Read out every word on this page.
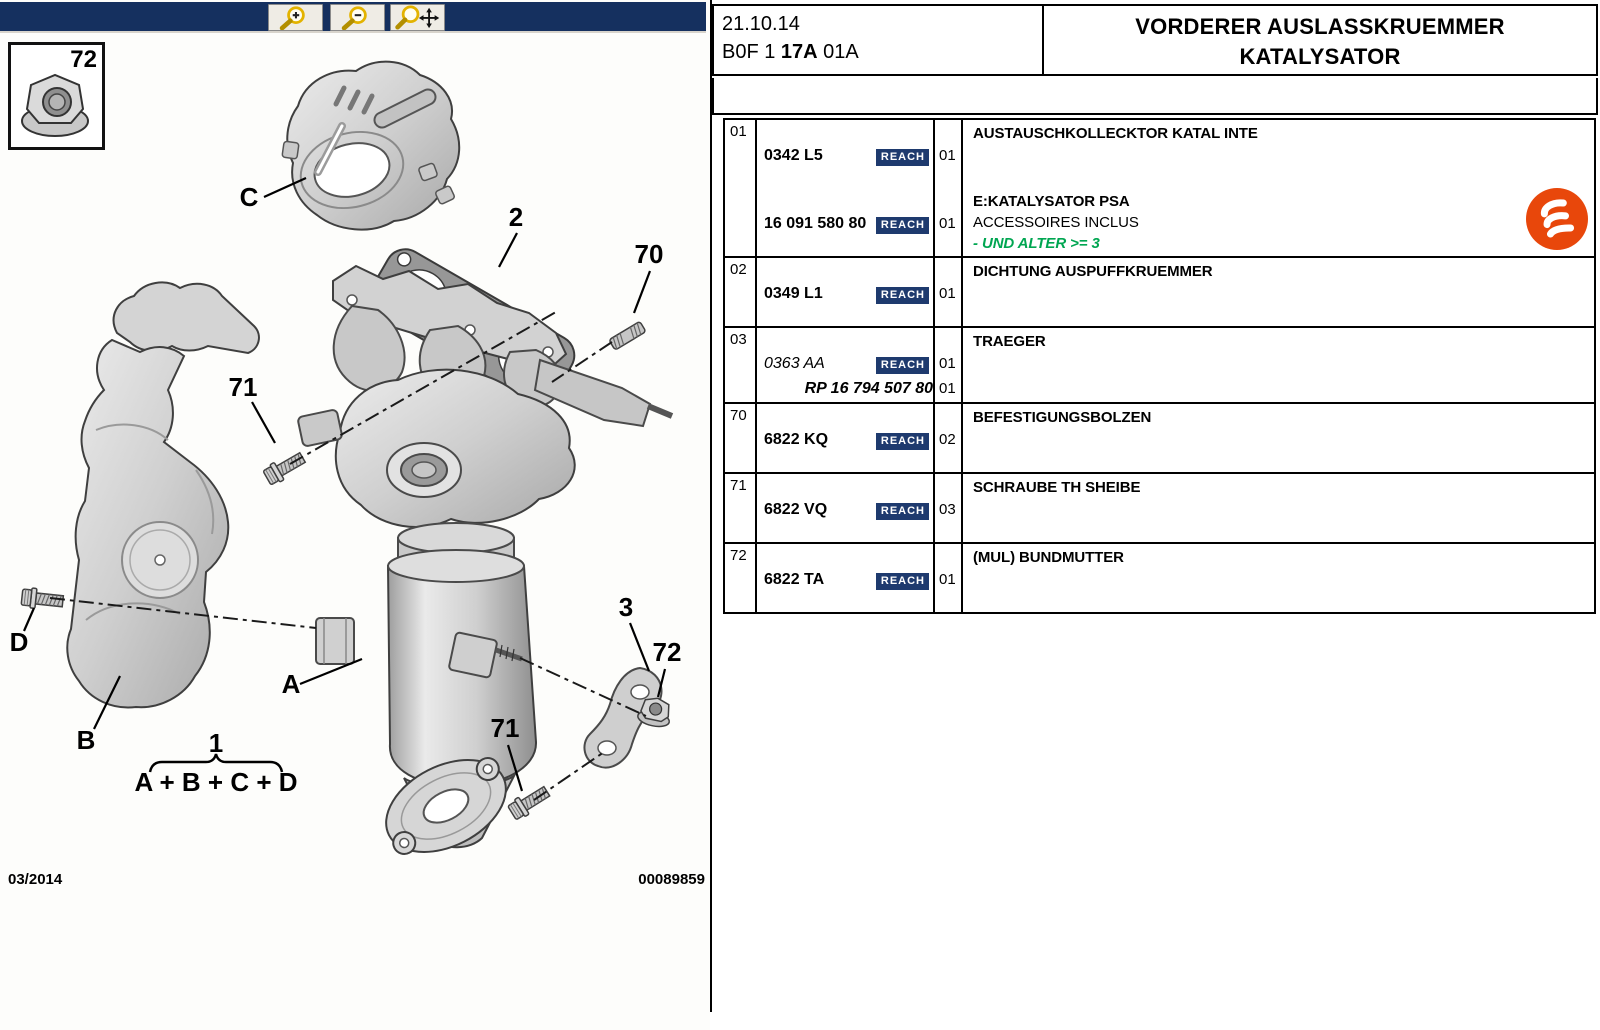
72
C
2
70
71
D
B
A
3
72
71
1
A + B + C + D
03/2014	00089859
21.10.14
B0F 1 17A 01A
VORDERER AUSLASSKRUEMMER
KATALYSATOR
01
0342 L5	REACH 01
AUSTAUSCHKOLLECKTOR KATAL INTE
16 091 580 80	REACH 01
E:KATALYSATOR PSA
ACCESSOIRES INCLUS
- UND ALTER >= 3
02
0349 L1	REACH 01
DICHTUNG AUSPUFFKRUEMMER
03
0363 AA	REACH 01
TRAEGER
RP 16 794 507 80 01
70
6822 KQ	REACH 02
BEFESTIGUNGSBOLZEN
71
6822 VQ	REACH 03
SCHRAUBE TH SHEIBE
72
6822 TA	REACH 01
(MUL) BUNDMUTTER
